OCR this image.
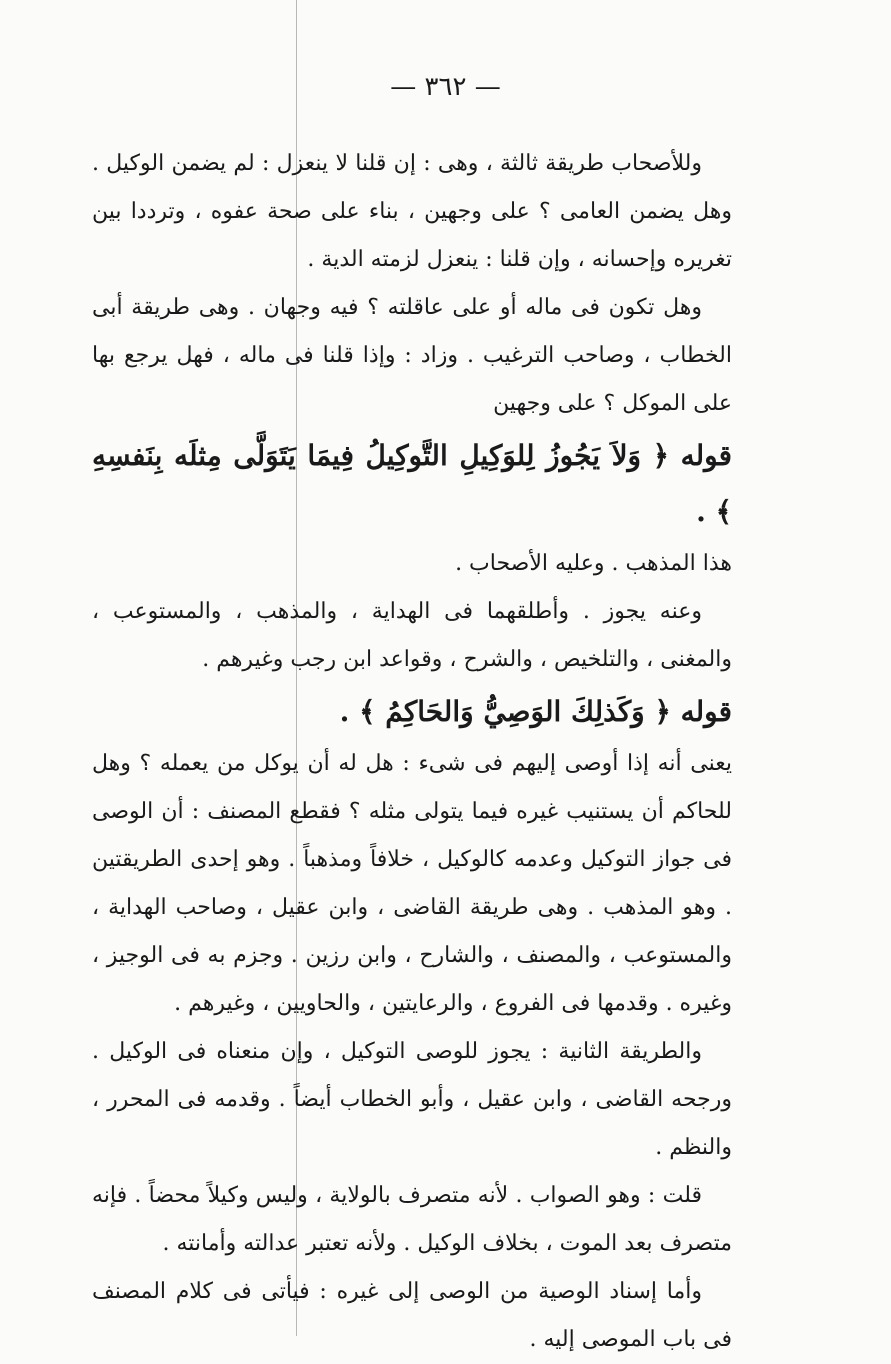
— ٣٦٢ —

وللأصحاب طريقة ثالثة ، وهى : إن قلنا لا ينعزل : لم يضمن الوكيل . وهل يضمن العامى ؟ على وجهين ، بناء على صحة عفوه ، وترددا بين تغريره وإحسانه ، وإن قلنا : ينعزل لزمته الدية .

وهل تكون فى ماله أو على عاقلته ؟ فيه وجهان . وهى طريقة أبى الخطاب ، وصاحب الترغيب . وزاد : وإذا قلنا فى ماله ، فهل يرجع بها على الموكل ؟ على وجهين

قوله ﴿ وَلاَ يَجُوزُ لِلوَكِيلِ التَّوكِيلُ فِيمَا يَتَوَلَّى مِثلَه بِنَفسِهِ ﴾ .

هذا المذهب . وعليه الأصحاب .

وعنه يجوز . وأطلقهما فى الهداية ، والمذهب ، والمستوعب ، والمغنى ، والتلخيص ، والشرح ، وقواعد ابن رجب وغيرهم .

قوله ﴿ وَكَذلِكَ الوَصِيُّ وَالحَاكِمُ ﴾ .

يعنى أنه إذا أوصى إليهم فى شىء : هل له أن يوكل من يعمله ؟ وهل للحاكم أن يستنيب غيره فيما يتولى مثله ؟ فقطع المصنف : أن الوصى فى جواز التوكيل وعدمه كالوكيل ، خلافاً ومذهباً . وهو إحدى الطريقتين . وهو المذهب . وهى طريقة القاضى ، وابن عقيل ، وصاحب الهداية ، والمستوعب ، والمصنف ، والشارح ، وابن رزين . وجزم به فى الوجيز ، وغيره . وقدمها فى الفروع ، والرعايتين ، والحاويين ، وغيرهم .

والطريقة الثانية : يجوز للوصى التوكيل ، وإن منعناه فى الوكيل . ورجحه القاضى ، وابن عقيل ، وأبو الخطاب أيضاً . وقدمه فى المحرر ، والنظم .

قلت : وهو الصواب . لأنه متصرف بالولاية ، وليس وكيلاً محضاً . فإنه متصرف بعد الموت ، بخلاف الوكيل . ولأنه تعتبر عدالته وأمانته .

وأما إسناد الوصية من الوصى إلى غيره : فيأتى فى كلام المصنف فى باب الموصى إليه .
